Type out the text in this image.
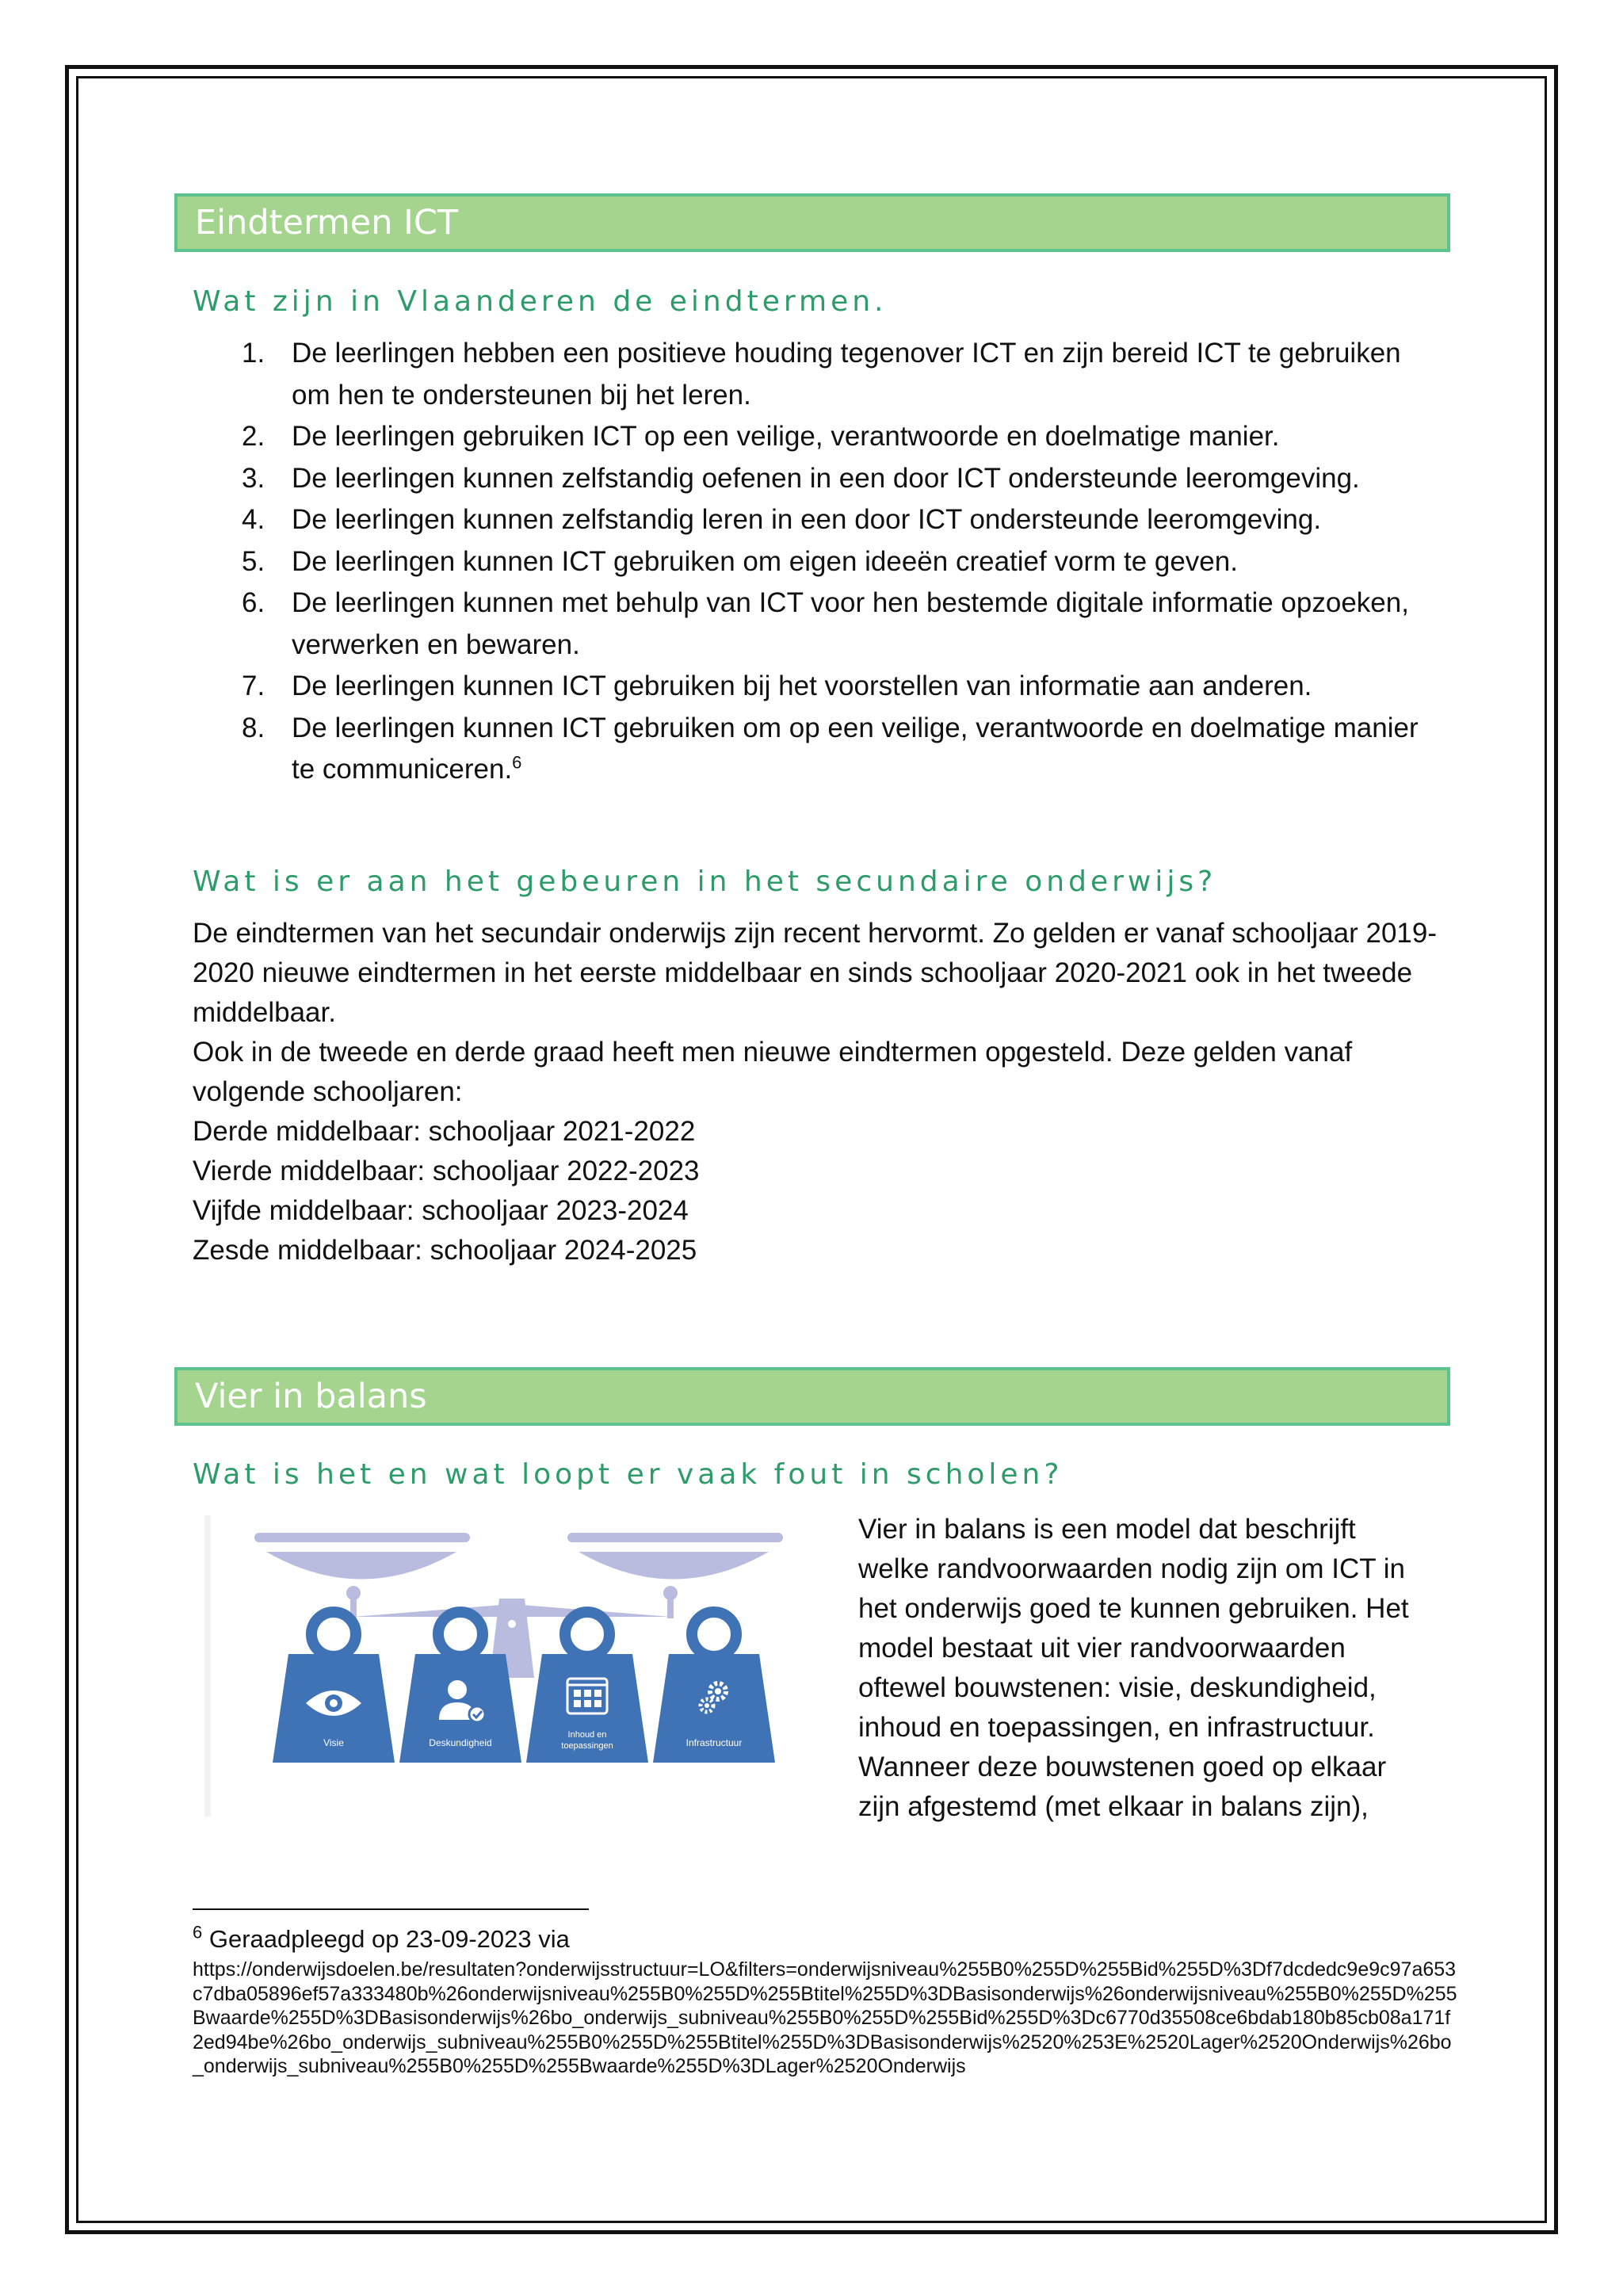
Eindtermen ICT
Wat zijn in Vlaanderen de eindtermen.
1. De leerlingen hebben een positieve houding tegenover ICT en zijn bereid ICT te gebruiken om hen te ondersteunen bij het leren.
2. De leerlingen gebruiken ICT op een veilige, verantwoorde en doelmatige manier.
3. De leerlingen kunnen zelfstandig oefenen in een door ICT ondersteunde leeromgeving.
4. De leerlingen kunnen zelfstandig leren in een door ICT ondersteunde leeromgeving.
5. De leerlingen kunnen ICT gebruiken om eigen ideeën creatief vorm te geven.
6. De leerlingen kunnen met behulp van ICT voor hen bestemde digitale informatie opzoeken, verwerken en bewaren.
7. De leerlingen kunnen ICT gebruiken bij het voorstellen van informatie aan anderen.
8. De leerlingen kunnen ICT gebruiken om op een veilige, verantwoorde en doelmatige manier te communiceren.$^6$
Wat is er aan het gebeuren in het secundaire onderwijs?

De eindtermen van het secundair onderwijs zijn recent hervormt. Zo gelden er vanaf schooljaar 2019-2020 nieuwe eindtermen in het eerste middelbaar en sinds schooljaar 2020-2021 ook in het tweede middelbaar.

Ook in de tweede en derde graad heeft men nieuwe eindtermen opgesteld. Deze gelden vanaf volgende schooljaren:

Derde middelbaar: schooljaar 2021-2022

Vierde middelbaar: schooljaar 2022-2023

Vijfde middelbaar: schooljaar 2023-2024

Zesde middelbaar: schooljaar 2024-2025

Vier in balans
Wat is het en wat loopt er vaak fout in scholen?
Visie	Deskundigheid
Inhoud en
toepassingen	Infrastructuur

Vier in balans is een model dat beschrijft

welke randvoorwaarden nodig zijn om ICT in

het onderwijs goed te kunnen gebruiken. Het

model bestaat uit vier randvoorwaarden

oftewel bouwstenen: visie, deskundigheid,

inhoud en toepassingen, en infrastructuur.

Wanneer deze bouwstenen goed op elkaar

zijn afgestemd (met elkaar in balans zijn),

$^6$ Geraadpleegd op 23-09-2023 via
https://onderwijsdoelen.be/resultaten?onderwijsstructuur=LO&filters=onderwijsniveau%255B0%255D%255Bid%255D%3Df7dcdedc9e9c97a653c7dba05896ef57a333480b%26onderwijsniveau%255B0%255D%255Btitel%255D%3DBasisonderwijs%26onderwijsniveau%255B0%255D%255Bwaarde%255D%3DBasisonderwijs%26bo_onderwijs_subniveau%255B0%255D%255Bid%255D%3Dc6770d35508ce6bdab180b85cb08a171f2ed94be%26bo_onderwijs_subniveau%255B0%255D%255Btitel%255D%3DBasisonderwijs%2520%253E%2520Lager%2520Onderwijs%26bo_onderwijs_subniveau%255B0%255D%255Bwaarde%255D%3DLager%2520Onderwijs
